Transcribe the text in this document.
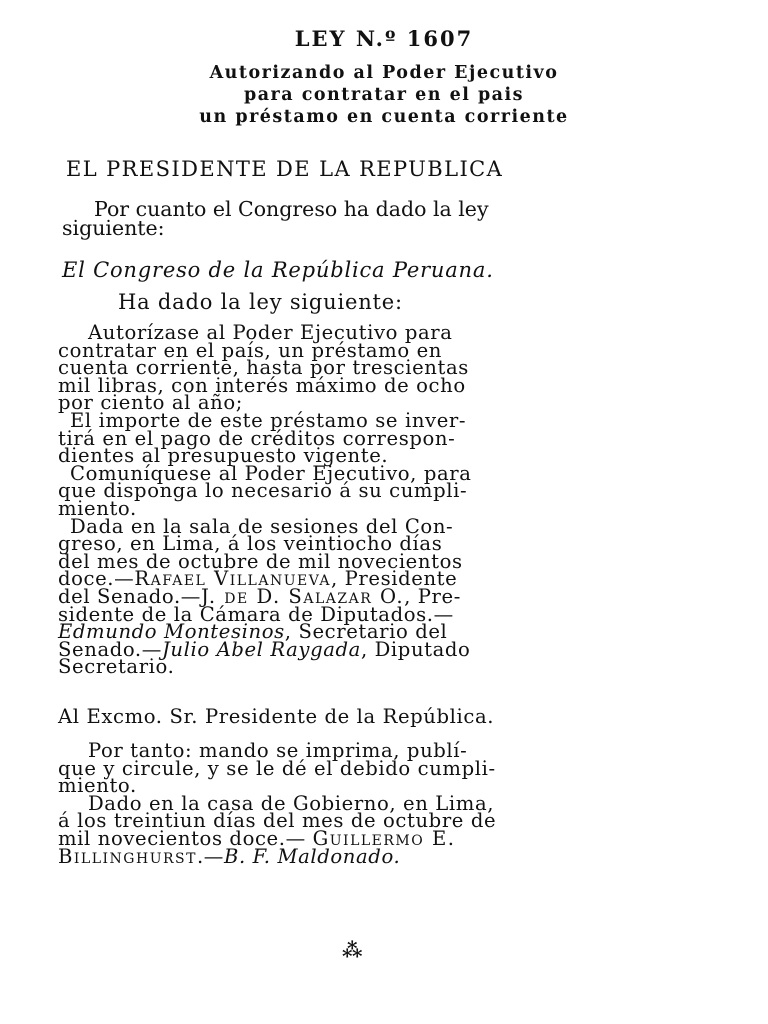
LEY N.º 1607
Autorizando al Poder Ejecutivo
para contratar en el pais
un préstamo en cuenta corriente
EL PRESIDENTE DE LA REPUBLICA
Por cuanto el Congreso ha dado la ley
siguiente:
El Congreso de la República Peruana.
Ha dado la ley siguiente:
Autorízase al Poder Ejecutivo para
contratar en el país, un préstamo en
cuenta corriente, hasta por trescientas
mil libras, con interés máximo de ocho
por ciento al año;
El importe de este préstamo se inver-
tirá en el pago de créditos correspon-
dientes al presupuesto vigente.
Comuníquese al Poder Ejecutivo, para
que disponga lo necesario á su cumpli-
miento.
Dada en la sala de sesiones del Con-
greso, en Lima, á los veintiocho días
del mes de octubre de mil novecientos
doce.—Rafael Villanueva, Presidente
del Senado.—J. de D. Salazar O., Pre-
sidente de la Cámara de Diputados.—
Edmundo Montesinos, Secretario del
Senado.—Julio Abel Raygada, Diputado
Secretario.
Al Excmo. Sr. Presidente de la República.
Por tanto: mando se imprima, publí-
que y circule, y se le dé el debido cumpli-
miento.
Dado en la casa de Gobierno, en Lima,
á los treintiun días del mes de octubre de
mil novecientos doce.— Guillermo E.
Billinghurst.—B. F. Maldonado.
⁂
